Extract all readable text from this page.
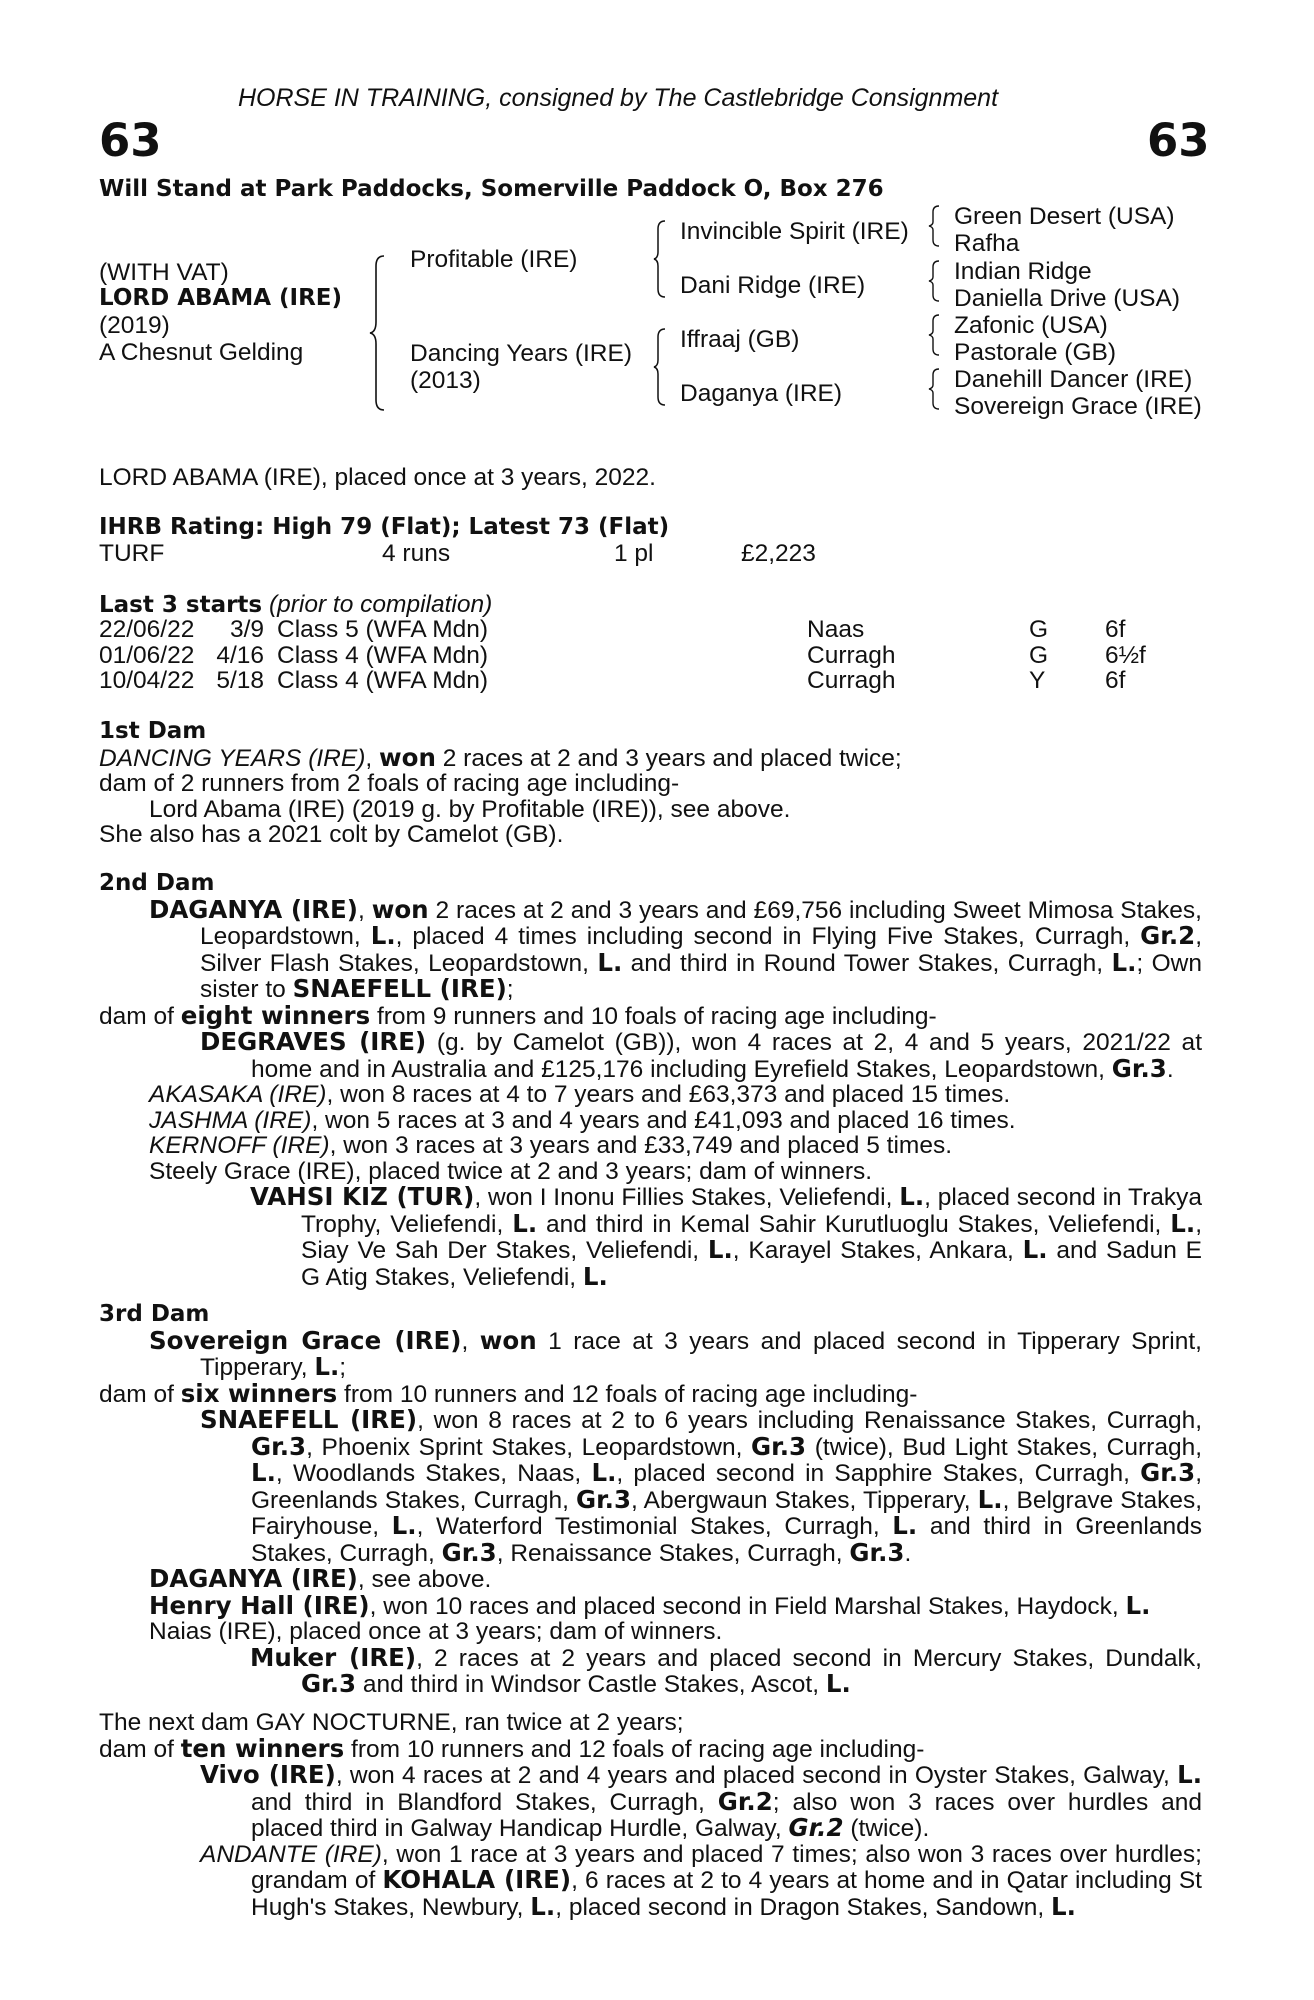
HORSE IN TRAINING, consigned by The Castlebridge Consignment
63	63
Will Stand at Park Paddocks, Somerville Paddock O, Box 276
(WITH VAT)
LORD ABAMA (IRE)
(2019)
A Chesnut Gelding
Profitable (IRE)
Dancing Years (IRE)
(2013)
Invincible Spirit (IRE)
Dani Ridge (IRE)
Iffraaj (GB)
Daganya (IRE)
Green Desert (USA)
Rafha
Indian Ridge
Daniella Drive (USA)
Zafonic (USA)
Pastorale (GB)
Danehill Dancer (IRE)
Sovereign Grace (IRE)
LORD ABAMA (IRE), placed once at 3 years, 2022.
IHRB Rating: High 79 (Flat); Latest 73 (Flat)
TURF	4 runs	1 pl	£2,223
Last 3 starts (prior to compilation)
22/06/22	3/9	Class 5 (WFA Mdn)	Naas	G	6f
01/06/22	4/16	Class 4 (WFA Mdn)	Curragh	G	6½f
10/04/22	5/18	Class 4 (WFA Mdn)	Curragh	Y	6f

1st Dam

DANCING YEARS (IRE), won 2 races at 2 and 3 years and placed twice;

dam of 2 runners from 2 foals of racing age including-

Lord Abama (IRE) (2019 g. by Profitable (IRE)), see above.

She also has a 2021 colt by Camelot (GB).

2nd Dam

DAGANYA (IRE), won 2 races at 2 and 3 years and £69,756 including Sweet Mimosa Stakes, Leopardstown, L., placed 4 times including second in Flying Five Stakes, Curragh, Gr.2, Silver Flash Stakes, Leopardstown, L. and third in Round Tower Stakes, Curragh, L.; Own sister to SNAEFELL (IRE);

dam of eight winners from 9 runners and 10 foals of racing age including-

DEGRAVES (IRE) (g. by Camelot (GB)), won 4 races at 2, 4 and 5 years, 2021/22 at home and in Australia and £125,176 including Eyrefield Stakes, Leopardstown, Gr.3.

AKASAKA (IRE), won 8 races at 4 to 7 years and £63,373 and placed 15 times.

JASHMA (IRE), won 5 races at 3 and 4 years and £41,093 and placed 16 times.

KERNOFF (IRE), won 3 races at 3 years and £33,749 and placed 5 times.

Steely Grace (IRE), placed twice at 2 and 3 years; dam of winners.

VAHSI KIZ (TUR), won I Inonu Fillies Stakes, Veliefendi, L., placed second in Trakya Trophy, Veliefendi, L. and third in Kemal Sahir Kurutluoglu Stakes, Veliefendi, L., Siay Ve Sah Der Stakes, Veliefendi, L., Karayel Stakes, Ankara, L. and Sadun E G Atig Stakes, Veliefendi, L.

3rd Dam

Sovereign Grace (IRE), won 1 race at 3 years and placed second in Tipperary Sprint, Tipperary, L.;

dam of six winners from 10 runners and 12 foals of racing age including-

SNAEFELL (IRE), won 8 races at 2 to 6 years including Renaissance Stakes, Curragh, Gr.3, Phoenix Sprint Stakes, Leopardstown, Gr.3 (twice), Bud Light Stakes, Curragh, L., Woodlands Stakes, Naas, L., placed second in Sapphire Stakes, Curragh, Gr.3, Greenlands Stakes, Curragh, Gr.3, Abergwaun Stakes, Tipperary, L., Belgrave Stakes, Fairyhouse, L., Waterford Testimonial Stakes, Curragh, L. and third in Greenlands Stakes, Curragh, Gr.3, Renaissance Stakes, Curragh, Gr.3.

DAGANYA (IRE), see above.

Henry Hall (IRE), won 10 races and placed second in Field Marshal Stakes, Haydock, L.

Naias (IRE), placed once at 3 years; dam of winners.

Muker (IRE), 2 races at 2 years and placed second in Mercury Stakes, Dundalk, Gr.3 and third in Windsor Castle Stakes, Ascot, L.

The next dam GAY NOCTURNE, ran twice at 2 years;

dam of ten winners from 10 runners and 12 foals of racing age including-

Vivo (IRE), won 4 races at 2 and 4 years and placed second in Oyster Stakes, Galway, L. and third in Blandford Stakes, Curragh, Gr.2; also won 3 races over hurdles and placed third in Galway Handicap Hurdle, Galway, Gr.2 (twice).

ANDANTE (IRE), won 1 race at 3 years and placed 7 times; also won 3 races over hurdles; grandam of KOHALA (IRE), 6 races at 2 to 4 years at home and in Qatar including St Hugh's Stakes, Newbury, L., placed second in Dragon Stakes, Sandown, L.
